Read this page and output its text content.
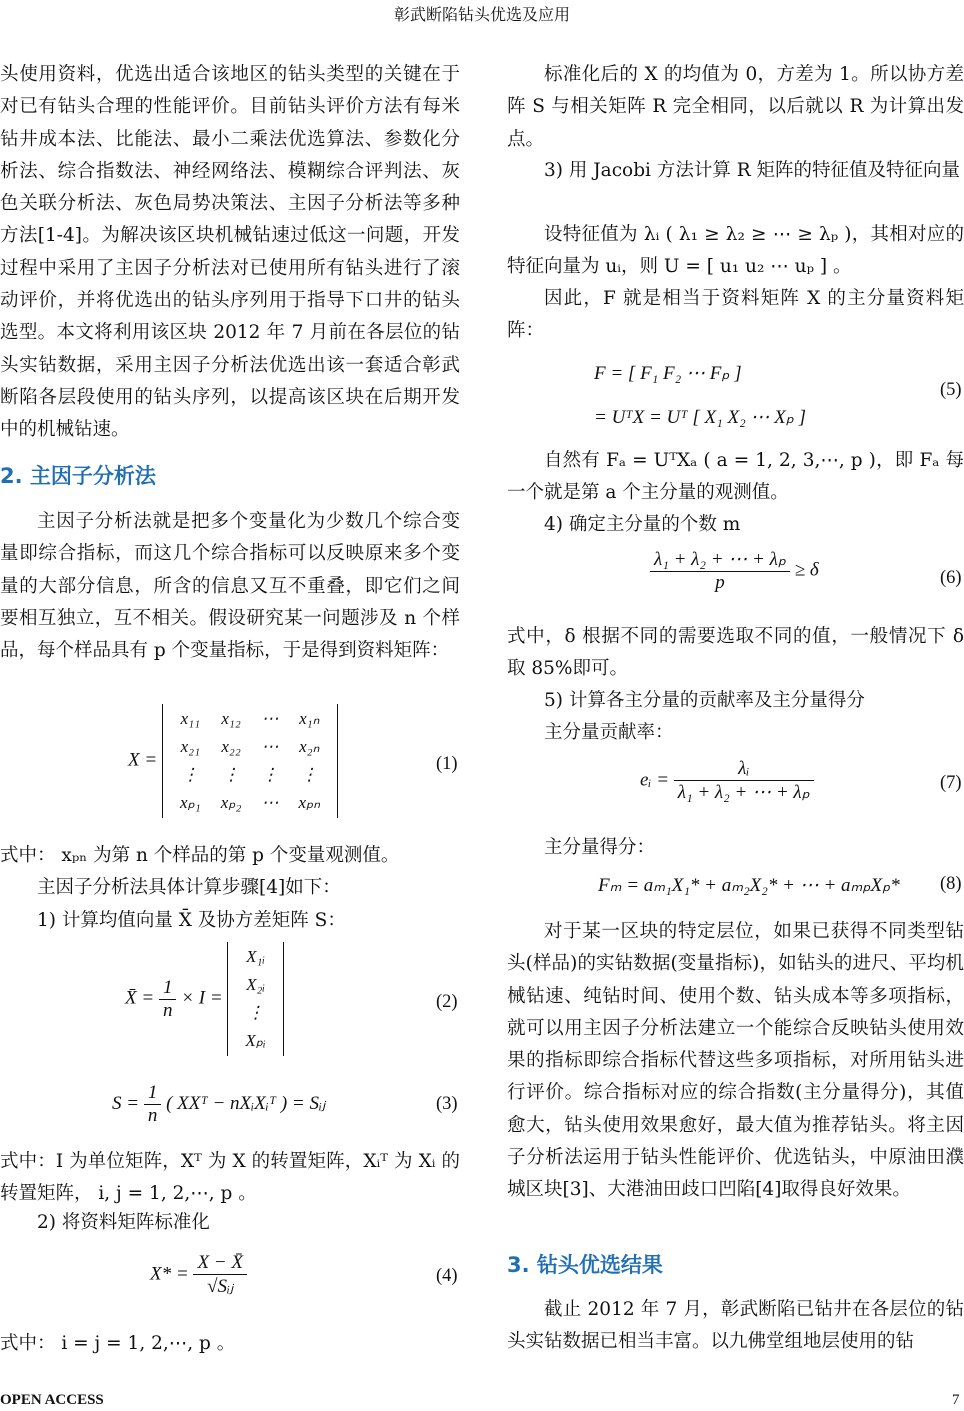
彰武断陷钻头优选及应用
头使用资料，优选出适合该地区的钻头类型的关键在于对已有钻头合理的性能评价。目前钻头评价方法有每米钻井成本法、比能法、最小二乘法优选算法、参数化分析法、综合指数法、神经网络法、模糊综合评判法、灰色关联分析法、灰色局势决策法、主因子分析法等多种方法[1-4]。为解决该区块机械钻速过低这一问题，开发过程中采用了主因子分析法对已使用所有钻头进行了滚动评价，并将优选出的钻头序列用于指导下口井的钻头选型。本文将利用该区块 2012 年 7 月前在各层位的钻头实钻数据，采用主因子分析法优选出该一套适合彰武断陷各层段使用的钻头序列，以提高该区块在后期开发中的机械钻速。
2. 主因子分析法
主因子分析法就是把多个变量化为少数几个综合变量即综合指标，而这几个综合指标可以反映原来多个变量的大部分信息，所含的信息又互不重叠，即它们之间要相互独立，互不相关。假设研究某一问题涉及 n 个样品，每个样品具有 p 个变量指标，于是得到资料矩阵：
X = x₁₁	x₁₂	⋯	x₁ₙ
x₂₁	x₂₂	⋯	x₂ₙ
⋮	⋮	⋮	⋮
xₚ₁	xₚ₂	⋯	xₚₙ
(1)
式中： xₚₙ 为第 n 个样品的第 p 个变量观测值。
主因子分析法具体计算步骤[4]如下：
1) 计算均值向量 X̄ 及协方差矩阵 S：
X̄ = $\frac{1}{n} \times I$ = X₁ᵢ
X₂ᵢ
⋮
Xₚᵢ
(2)
$S = \frac{1}{n}$ ( XXᵀ − nXᵢXᵢᵀ ) = Sᵢⱼ	(3)
式中：I 为单位矩阵，Xᵀ 为 X 的转置矩阵，Xᵢᵀ 为 Xᵢ 的转置矩阵， i, j = 1, 2,⋯, p 。
2) 将资料矩阵标准化
$X* = \frac{X - X̄}{\text{√Sᵢⱼ}}$	(4)
式中： i = j = 1, 2,⋯, p 。
标准化后的 X 的均值为 0，方差为 1。所以协方差阵 S 与相关矩阵 R 完全相同，以后就以 R 为计算出发点。
3) 用 Jacobi 方法计算 R 矩阵的特征值及特征向量
设特征值为 λᵢ ( λ₁ ≥ λ₂ ≥ ⋯ ≥ λₚ )，其相对应的特征向量为 uᵢ，则 U = [ u₁ u₂ ⋯ uₚ ] 。
因此，F 就是相当于资料矩阵 X 的主分量资料矩阵：
F = [ F₁ F₂ ⋯ Fₚ ]
= UᵀX = Uᵀ [ X₁ X₂ ⋯ Xₚ ]
(5)
自然有 Fₐ = UᵀXₐ ( a = 1, 2, 3,⋯, p )，即 Fₐ 每一个就是第 a 个主分量的观测值。
4) 确定主分量的个数 m
$\frac{\text{λ₁ + λ₂ + ⋯ + λₚ}}{p} \ge \delta$	(6)
式中，δ 根据不同的需要选取不同的值，一般情况下 δ 取 85%即可。
5) 计算各主分量的贡献率及主分量得分
主分量贡献率：
eᵢ = $\frac{\text{λᵢ}}{\text{λ₁ + λ₂ + ⋯ + λₚ}}$	(7)
主分量得分：
Fₘ = aₘ₁X₁* + aₘ₂X₂* + ⋯ + aₘₚXₚ* (8)
对于某一区块的特定层位，如果已获得不同类型钻头(样品)的实钻数据(变量指标)，如钻头的进尺、平均机械钻速、纯钻时间、使用个数、钻头成本等多项指标，就可以用主因子分析法建立一个能综合反映钻头使用效果的指标即综合指标代替这些多项指标，对所用钻头进行评价。综合指标对应的综合指数(主分量得分)，其值愈大，钻头使用效果愈好，最大值为推荐钻头。将主因子分析法运用于钻头性能评价、优选钻头，中原油田濮城区块[3]、大港油田歧口凹陷[4]取得良好效果。
3. 钻头优选结果
截止 2012 年 7 月，彰武断陷已钻井在各层位的钻头实钻数据已相当丰富。以九佛堂组地层使用的钻
OPEN ACCESS	7
